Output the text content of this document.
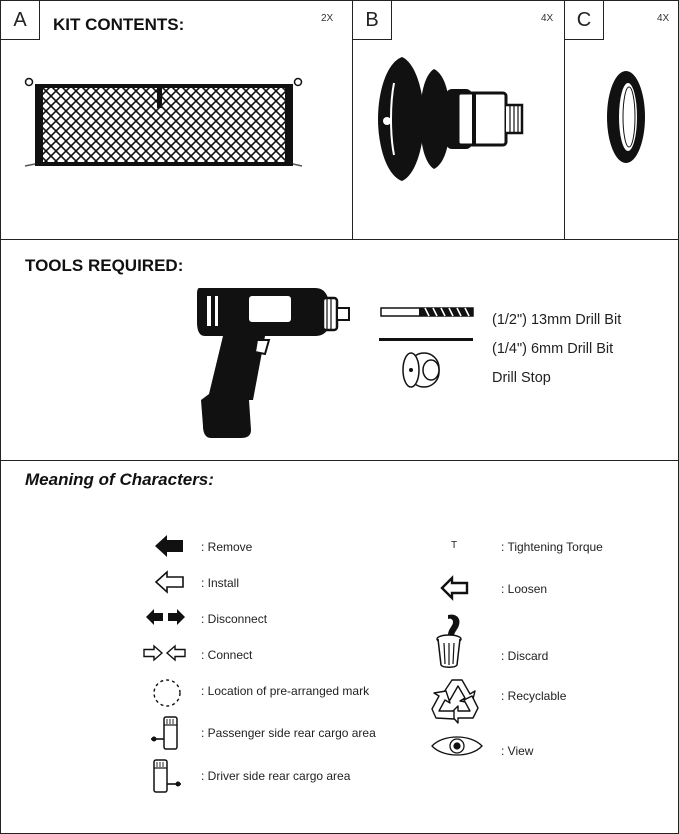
A	KIT CONTENTS:	2X	B	4X	C	4X
TOOLS REQUIRED:
(1/2") 13mm Drill Bit
(1/4") 6mm Drill Bit
Drill Stop
Meaning of Characters:
: Remove
: Install
: Disconnect
: Connect
: Location of pre-arranged mark
: Passenger side rear cargo area
: Driver side rear cargo area
T	: Tightening Torque
: Loosen
: Discard
: Recyclable
: View
